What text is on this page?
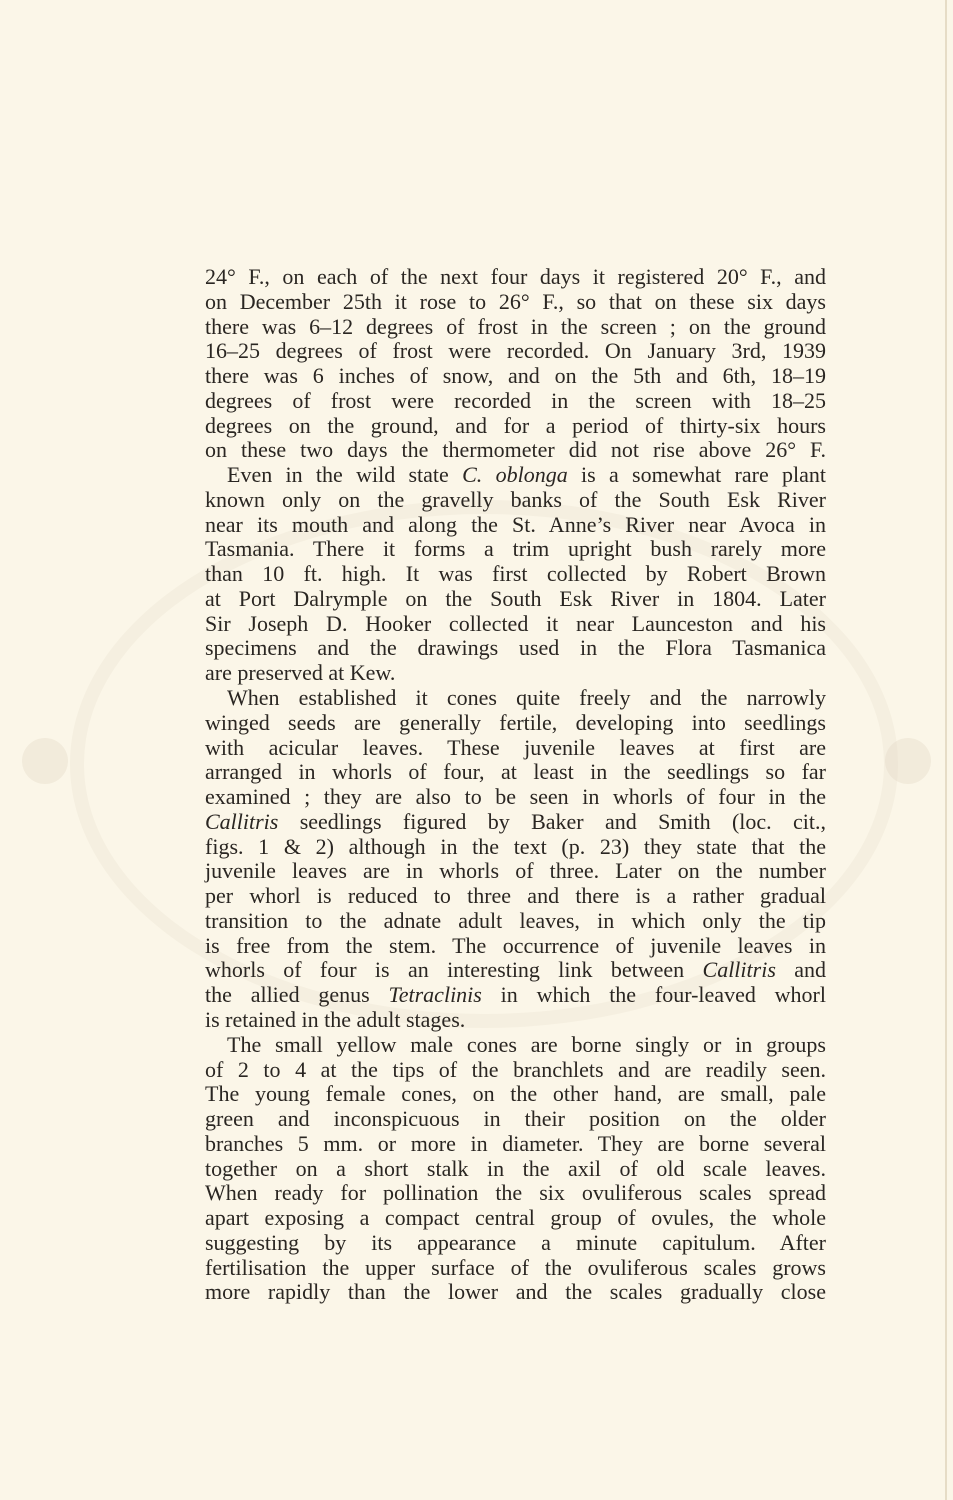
24° F., on each of the next four days it registered 20° F., and
on December 25th it rose to 26° F., so that on these six days
there was 6–12 degrees of frost in the screen ; on the ground
16–25 degrees of frost were recorded. On January 3rd, 1939
there was 6 inches of snow, and on the 5th and 6th, 18–19
degrees of frost were recorded in the screen with 18–25
degrees on the ground, and for a period of thirty-six hours
on these two days the thermometer did not rise above 26° F.
Even in the wild state C. oblonga is a somewhat rare plant
known only on the gravelly banks of the South Esk River
near its mouth and along the St. Anne’s River near Avoca in
Tasmania. There it forms a trim upright bush rarely more
than 10 ft. high. It was first collected by Robert Brown
at Port Dalrymple on the South Esk River in 1804. Later
Sir Joseph D. Hooker collected it near Launceston and his
specimens and the drawings used in the Flora Tasmanica
are preserved at Kew.
When established it cones quite freely and the narrowly
winged seeds are generally fertile, developing into seedlings
with acicular leaves. These juvenile leaves at first are
arranged in whorls of four, at least in the seedlings so far
examined ; they are also to be seen in whorls of four in the
Callitris seedlings figured by Baker and Smith (loc. cit.,
figs. 1 & 2) although in the text (p. 23) they state that the
juvenile leaves are in whorls of three. Later on the number
per whorl is reduced to three and there is a rather gradual
transition to the adnate adult leaves, in which only the tip
is free from the stem. The occurrence of juvenile leaves in
whorls of four is an interesting link between Callitris and
the allied genus Tetraclinis in which the four-leaved whorl
is retained in the adult stages.
The small yellow male cones are borne singly or in groups
of 2 to 4 at the tips of the branchlets and are readily seen.
The young female cones, on the other hand, are small, pale
green and inconspicuous in their position on the older
branches 5 mm. or more in diameter. They are borne several
together on a short stalk in the axil of old scale leaves.
When ready for pollination the six ovuliferous scales spread
apart exposing a compact central group of ovules, the whole
suggesting by its appearance a minute capitulum. After
fertilisation the upper surface of the ovuliferous scales grows
more rapidly than the lower and the scales gradually close
